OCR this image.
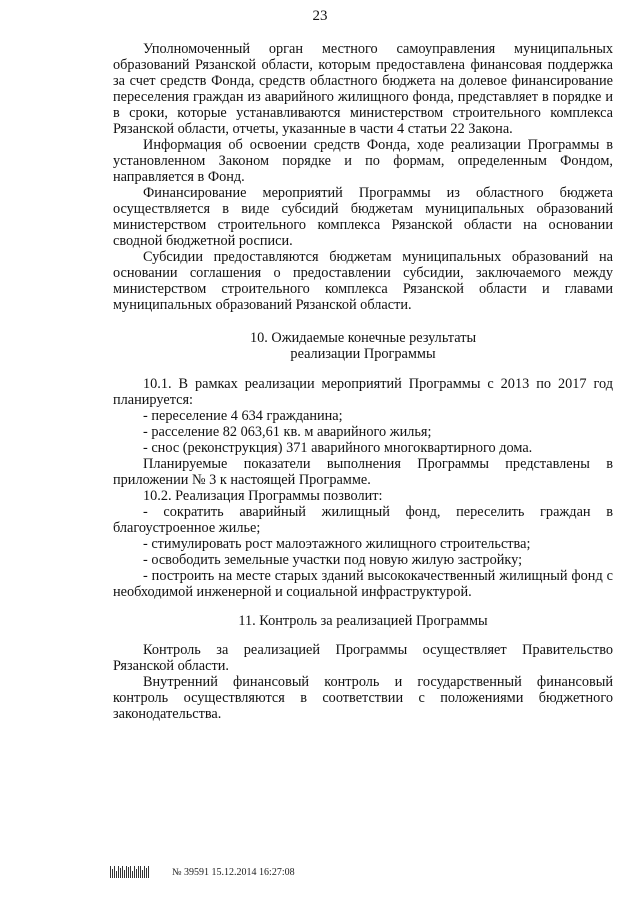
23

Уполномоченный орган местного самоуправления муниципальных образований Рязанской области, которым предоставлена финансовая поддержка за счет средств Фонда, средств областного бюджета на долевое финансирование переселения граждан из аварийного жилищного фонда, представляет в порядке и в сроки, которые устанавливаются министерством строительного комплекса Рязанской области, отчеты, указанные в части 4 статьи 22 Закона.

Информация об освоении средств Фонда, ходе реализации Программы в установленном Законом порядке и по формам, определенным Фондом, направляется в Фонд.

Финансирование мероприятий Программы из областного бюджета осуществляется в виде субсидий бюджетам муниципальных образований министерством строительного комплекса Рязанской области на основании сводной бюджетной росписи.

Субсидии предоставляются бюджетам муниципальных образований на основании соглашения о предоставлении субсидии, заключаемого между министерством строительного комплекса Рязанской области и главами муниципальных образований Рязанской области.

10. Ожидаемые конечные результаты
реализации Программы

10.1. В рамках реализации мероприятий Программы с 2013 по 2017 год планируется:

- переселение 4 634 гражданина;

- расселение 82 063,61 кв. м аварийного жилья;

- снос (реконструкция) 371 аварийного многоквартирного дома.

Планируемые показатели выполнения Программы представлены в приложении № 3 к настоящей Программе.

10.2. Реализация Программы позволит:

- сократить аварийный жилищный фонд, переселить граждан в благоустроенное жилье;

- стимулировать рост малоэтажного жилищного строительства;

- освободить земельные участки под новую жилую застройку;

- построить на месте старых зданий высококачественный жилищный фонд с необходимой инженерной и социальной инфраструктурой.

11. Контроль за реализацией Программы

Контроль за реализацией Программы осуществляет Правительство Рязанской области.

Внутренний финансовый контроль и государственный финансовый контроль осуществляются в соответствии с положениями бюджетного законодательства.

№ 39591 15.12.2014 16:27:08
